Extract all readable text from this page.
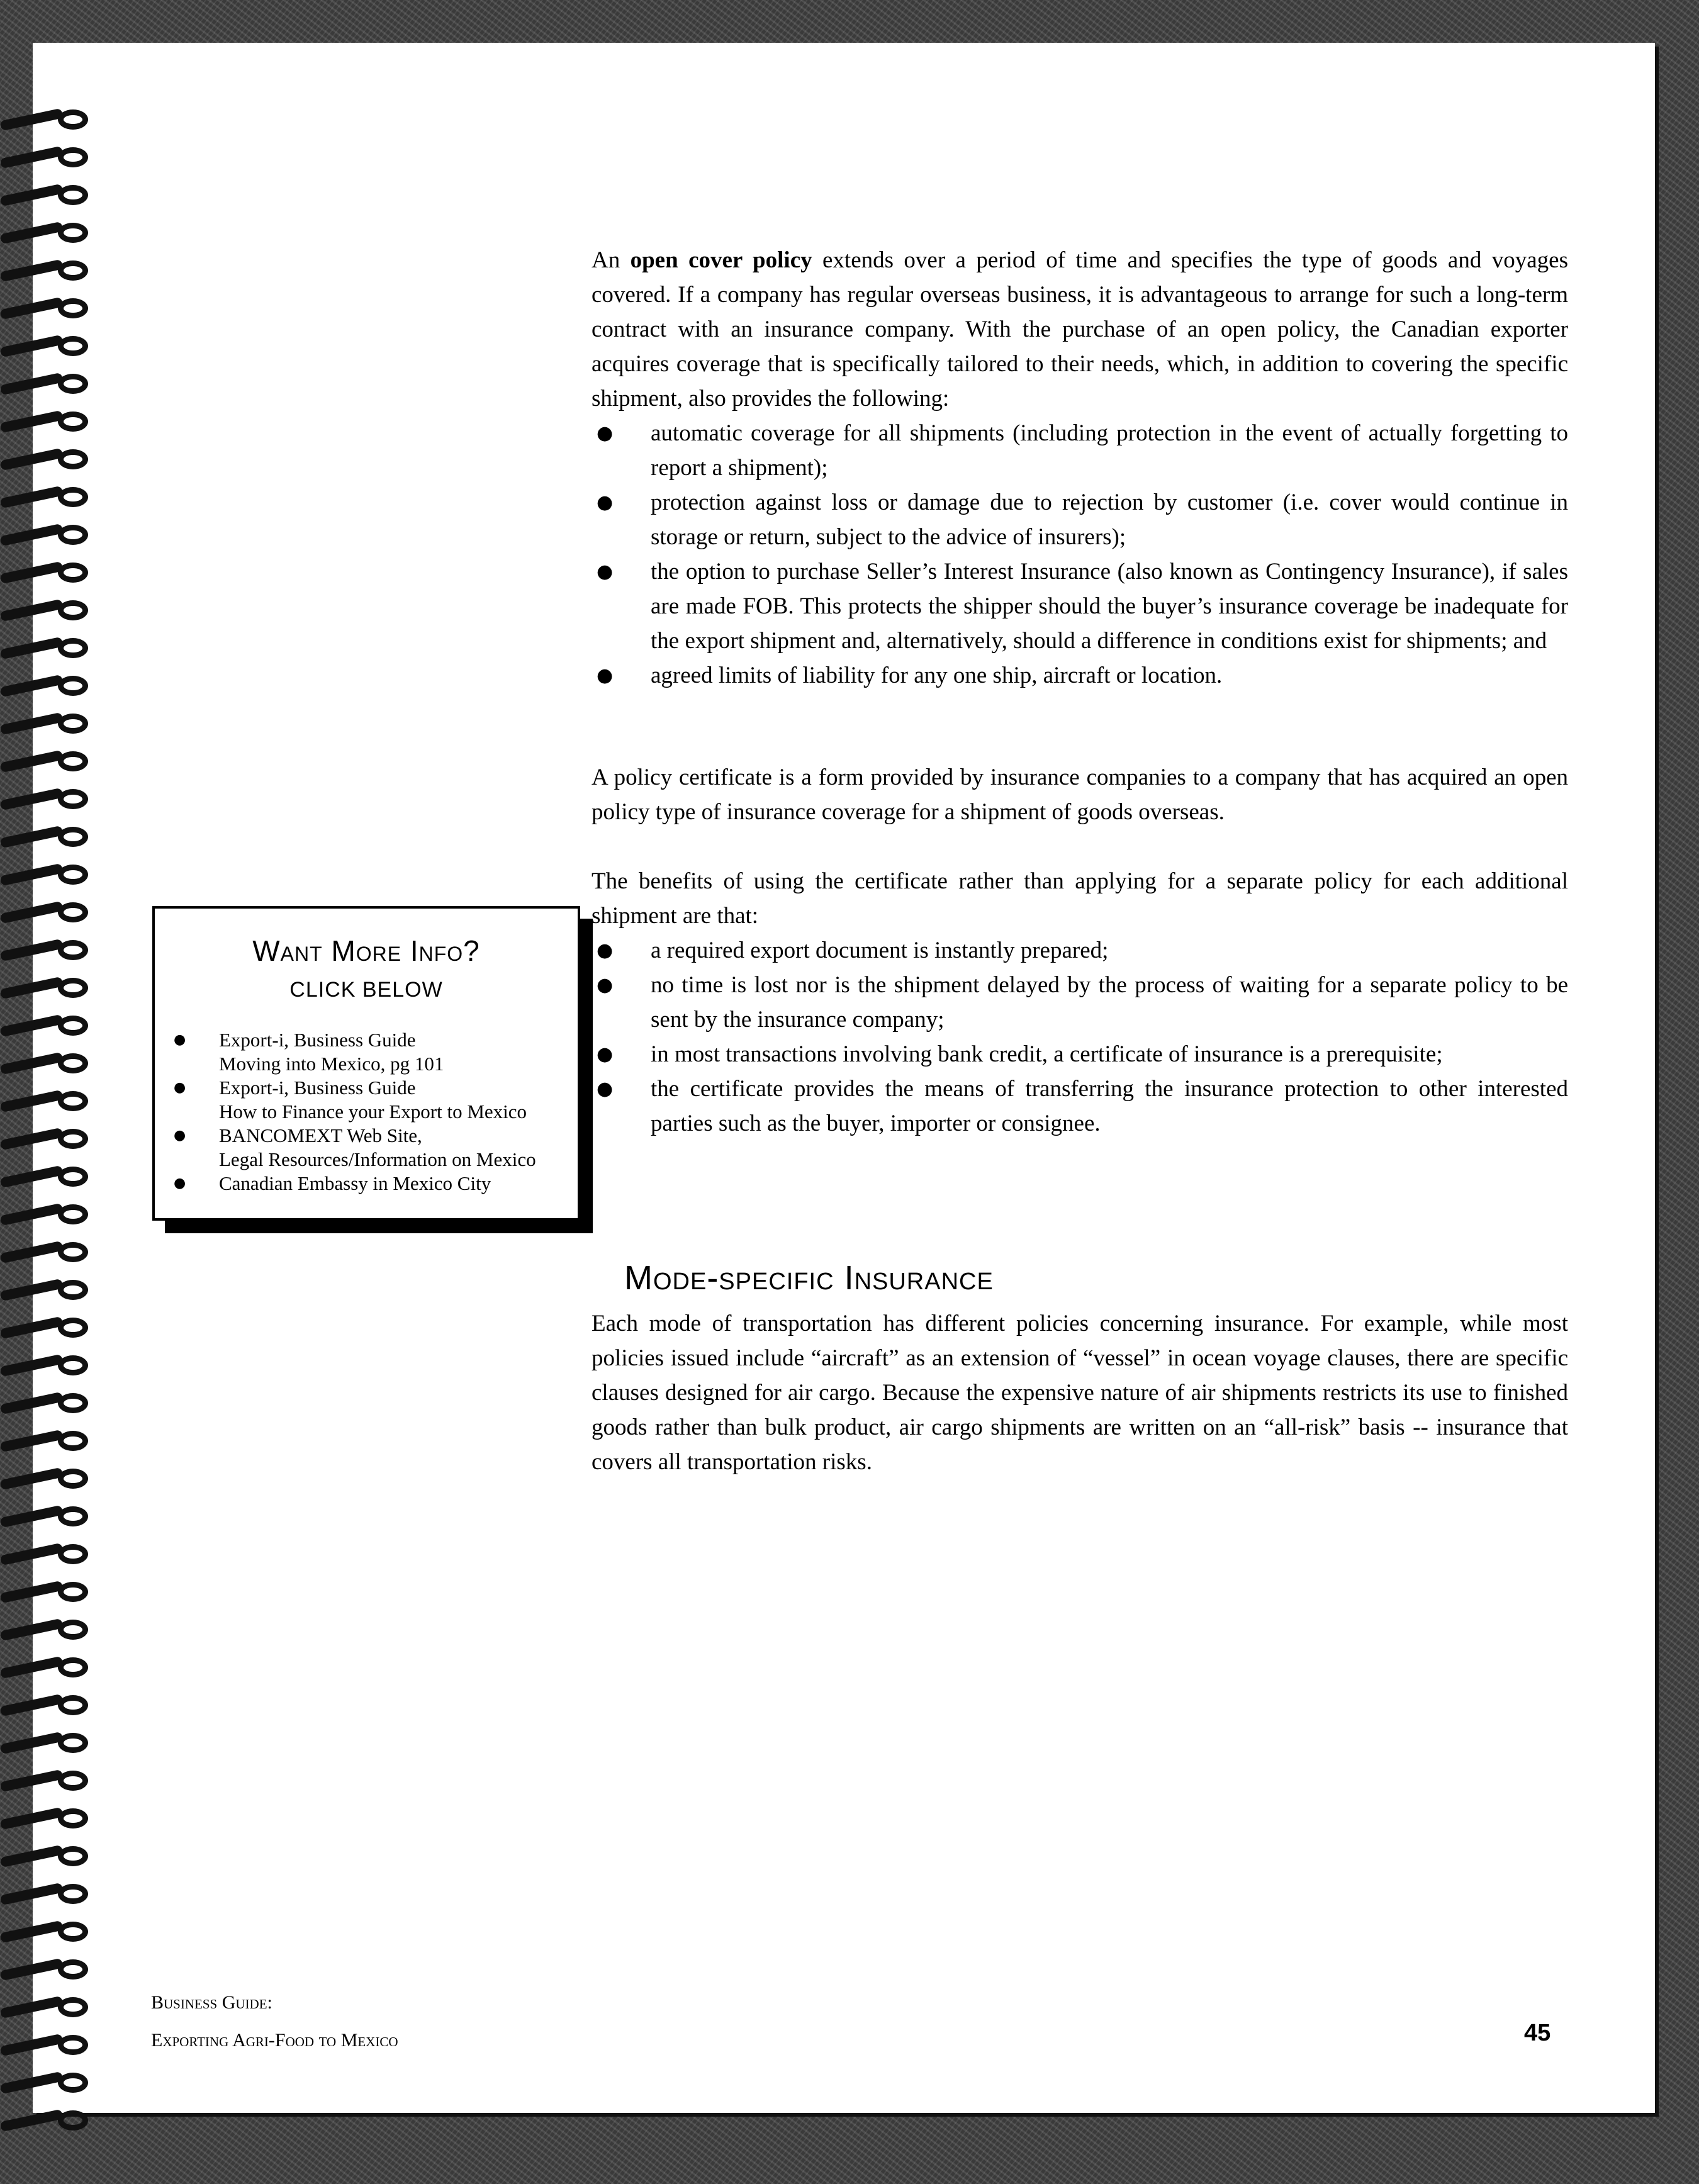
An open cover policy extends over a period of time and specifies the type of goods and voyages covered. If a company has regular overseas business, it is advantageous to arrange for such a long-term contract with an insurance company. With the purchase of an open policy, the Canadian exporter acquires coverage that is specifically tailored to their needs, which, in addition to covering the specific shipment, also provides the following:

● automatic coverage for all shipments (including protection in the event of actually forgetting to report a shipment);
● protection against loss or damage due to rejection by customer (i.e. cover would continue in storage or return, subject to the advice of insurers);
● the option to purchase Seller’s Interest Insurance (also known as Contingency Insurance), if sales are made FOB. This protects the shipper should the buyer’s insurance coverage be inadequate for the export shipment and, alternatively, should a difference in conditions exist for shipments; and
● agreed limits of liability for any one ship, aircraft or location.

A policy certificate is a form provided by insurance companies to a company that has acquired an open policy type of insurance coverage for a shipment of goods overseas.

The benefits of using the certificate rather than applying for a separate policy for each additional shipment are that:

● a required export document is instantly prepared;
● no time is lost nor is the shipment delayed by the process of waiting for a separate policy to be sent by the insurance company;
● in most transactions involving bank credit, a certificate of insurance is a prerequisite;
● the certificate provides the means of transferring the insurance protection to other interested parties such as the buyer, importer or consignee.
Want More Info?
CLICK BELOW
● Export-i, Business Guide
Moving into Mexico, pg 101
● Export-i, Business Guide
How to Finance your Export to Mexico
● BANCOMEXT Web Site,
Legal Resources/Information on Mexico
● Canadian Embassy in Mexico City
Mode-specific Insurance

Each mode of transportation has different policies concerning insurance. For example, while most policies issued include “aircraft” as an extension of “vessel” in ocean voyage clauses, there are specific clauses designed for air cargo. Because the expensive nature of air shipments restricts its use to finished goods rather than bulk product, air cargo shipments are written on an “all-risk” basis -- insurance that covers all transportation risks.

Business Guide:
Exporting Agri-Food to Mexico	45
